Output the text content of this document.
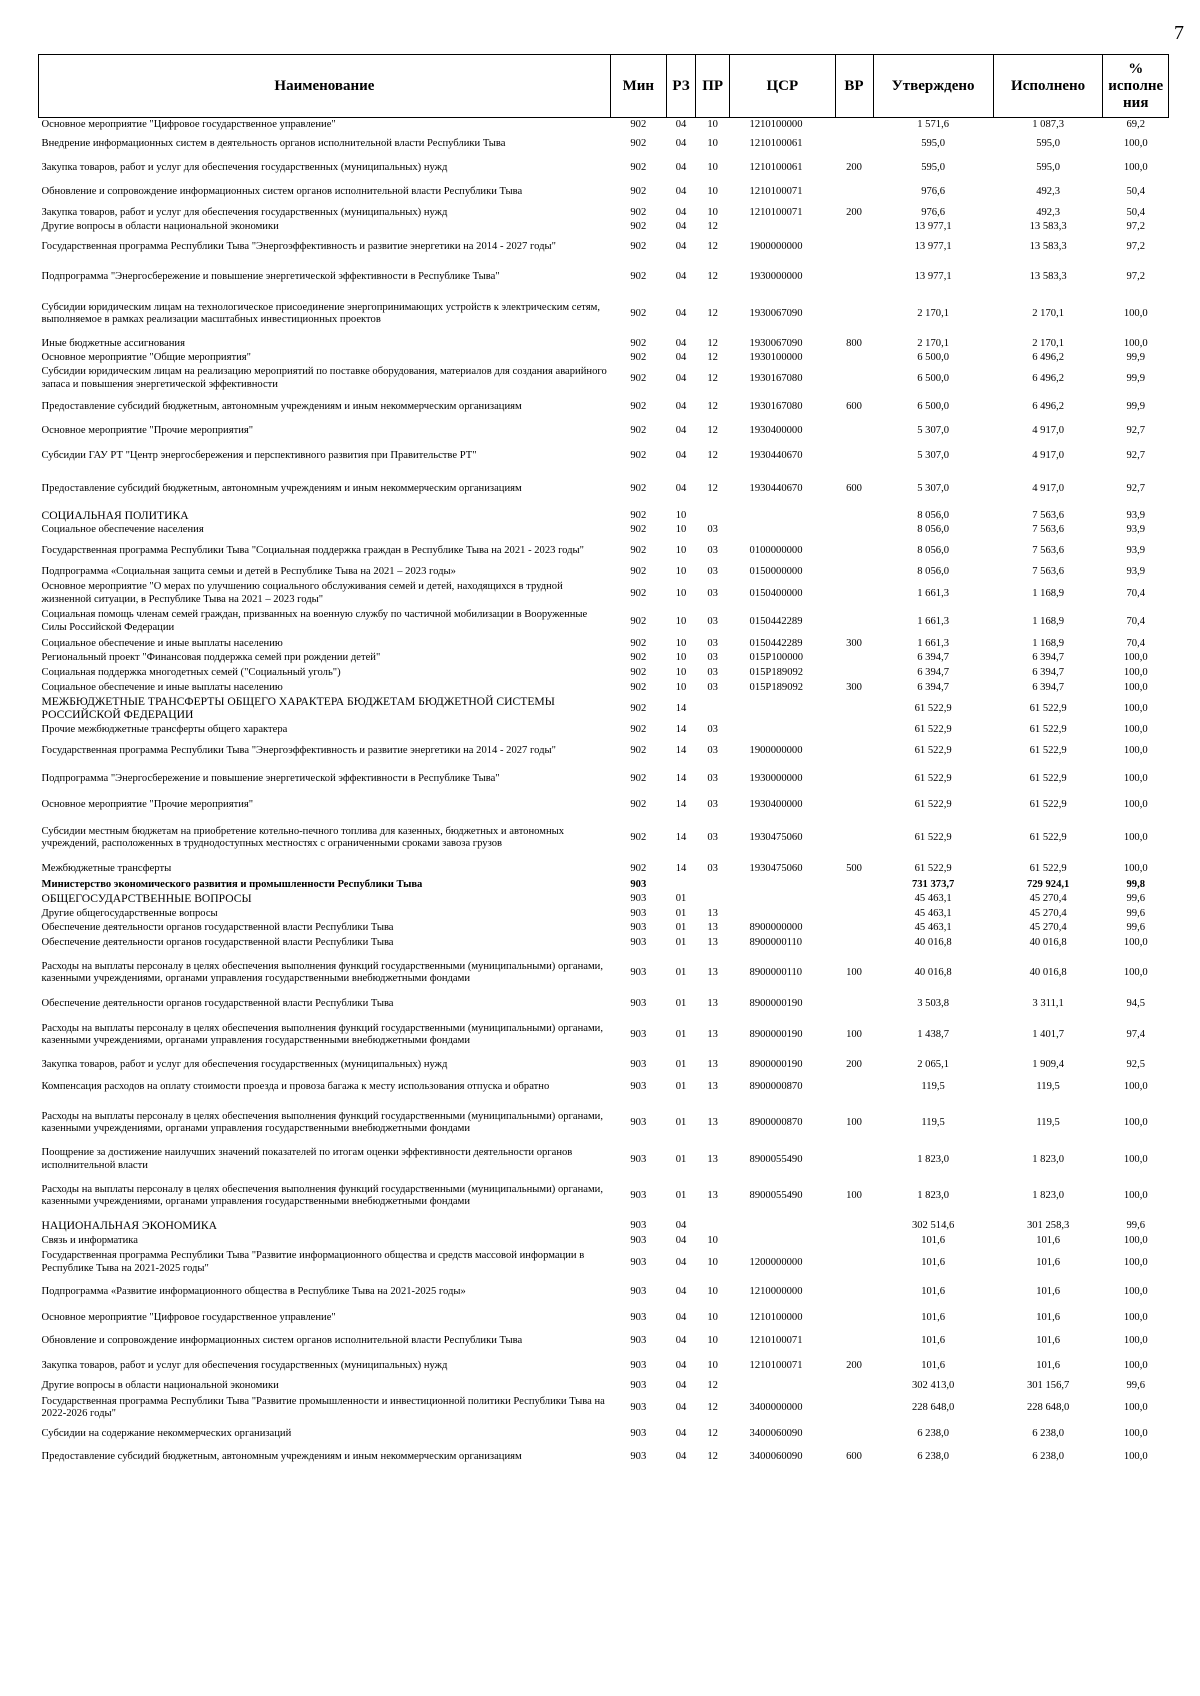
7
Наименование	Мин	РЗ	ПР	ЦСР	ВР	Утверждено	Исполнено	% исполне ния
Основное мероприятие "Цифровое государственное управление"	902	04	10	1210100000		1 571,6	1 087,3	69,2
Внедрение информационных систем в деятельность органов исполнительной власти Республики Тыва	902	04	10	1210100061		595,0	595,0	100,0
Закупка товаров, работ и услуг для обеспечения государственных (муниципальных) нужд	902	04	10	1210100061	200	595,0	595,0	100,0
Обновление и сопровождение информационных систем органов исполнительной власти Республики Тыва	902	04	10	1210100071		976,6	492,3	50,4
Закупка товаров, работ и услуг для обеспечения государственных (муниципальных) нужд	902	04	10	1210100071	200	976,6	492,3	50,4
Другие вопросы в области национальной экономики	902	04	12			13 977,1	13 583,3	97,2
Государственная программа Республики Тыва "Энергоэффективность и развитие энергетики на 2014 - 2027 годы"	902	04	12	1900000000		13 977,1	13 583,3	97,2
Подпрограмма "Энергосбережение и повышение энергетической эффективности в Республике Тыва"	902	04	12	1930000000		13 977,1	13 583,3	97,2
Субсидии юридическим лицам на технологическое присоединение энергопринимающих устройств к электрическим сетям, выполняемое в рамках реализации масштабных инвестиционных проектов	902	04	12	1930067090		2 170,1	2 170,1	100,0
Иные бюджетные ассигнования	902	04	12	1930067090	800	2 170,1	2 170,1	100,0
Основное мероприятие "Общие мероприятия"	902	04	12	1930100000		6 500,0	6 496,2	99,9
Субсидии юридическим лицам на реализацию мероприятий по поставке оборудования, материалов для создания аварийного запаса и повышения энергетической эффективности	902	04	12	1930167080		6 500,0	6 496,2	99,9
Предоставление субсидий бюджетным, автономным учреждениям и иным некоммерческим организациям	902	04	12	1930167080	600	6 500,0	6 496,2	99,9
Основное мероприятие "Прочие мероприятия"	902	04	12	1930400000		5 307,0	4 917,0	92,7
Субсидии ГАУ РТ "Центр энергосбережения и перспективного развития при Правительстве РТ"	902	04	12	1930440670		5 307,0	4 917,0	92,7
Предоставление субсидий бюджетным, автономным учреждениям и иным некоммерческим организациям	902	04	12	1930440670	600	5 307,0	4 917,0	92,7
СОЦИАЛЬНАЯ ПОЛИТИКА	902	10				8 056,0	7 563,6	93,9
Социальное обеспечение населения	902	10	03			8 056,0	7 563,6	93,9
Государственная программа Республики Тыва "Социальная поддержка граждан в Республике Тыва на 2021 - 2023 годы"	902	10	03	0100000000		8 056,0	7 563,6	93,9
Подпрограмма «Социальная защита семьи и детей в Республике Тыва на 2021 – 2023 годы»	902	10	03	0150000000		8 056,0	7 563,6	93,9
Основное мероприятие "О мерах по улучшению социального обслуживания семей и детей, находящихся в трудной жизненной ситуации, в Республике Тыва на 2021 – 2023 годы"	902	10	03	0150400000		1 661,3	1 168,9	70,4
Социальная помощь членам семей граждан, призванных на военную службу по частичной мобилизации в Вооруженные Силы Российской Федерации	902	10	03	0150442289		1 661,3	1 168,9	70,4
Социальное обеспечение и иные выплаты населению	902	10	03	0150442289	300	1 661,3	1 168,9	70,4
Региональный проект "Финансовая поддержка семей при рождении детей"	902	10	03	015P100000		6 394,7	6 394,7	100,0
Социальная поддержка многодетных семей ("Социальный уголь")	902	10	03	015P189092		6 394,7	6 394,7	100,0
Социальное обеспечение и иные выплаты населению	902	10	03	015P189092	300	6 394,7	6 394,7	100,0
МЕЖБЮДЖЕТНЫЕ ТРАНСФЕРТЫ ОБЩЕГО ХАРАКТЕРА БЮДЖЕТАМ БЮДЖЕТНОЙ СИСТЕМЫ РОССИЙСКОЙ ФЕДЕРАЦИИ	902	14				61 522,9	61 522,9	100,0
Прочие межбюджетные трансферты общего характера	902	14	03			61 522,9	61 522,9	100,0
Государственная программа Республики Тыва "Энергоэффективность и развитие энергетики на 2014 - 2027 годы"	902	14	03	1900000000		61 522,9	61 522,9	100,0
Подпрограмма "Энергосбережение и повышение энергетической эффективности в Республике Тыва"	902	14	03	1930000000		61 522,9	61 522,9	100,0
Основное мероприятие "Прочие мероприятия"	902	14	03	1930400000		61 522,9	61 522,9	100,0
Субсидии местным бюджетам на приобретение котельно-печного топлива для казенных, бюджетных и автономных учреждений, расположенных в труднодоступных местностях с ограниченными сроками завоза грузов	902	14	03	1930475060		61 522,9	61 522,9	100,0
Межбюджетные трансферты	902	14	03	1930475060	500	61 522,9	61 522,9	100,0
Министерство экономического развития и промышленности Республики Тыва	903					731 373,7	729 924,1	99,8
ОБЩЕГОСУДАРСТВЕННЫЕ ВОПРОСЫ	903	01				45 463,1	45 270,4	99,6
Другие общегосударственные вопросы	903	01	13			45 463,1	45 270,4	99,6
Обеспечение деятельности органов государственной власти Республики Тыва	903	01	13	8900000000		45 463,1	45 270,4	99,6
Обеспечение деятельности органов государственной власти Республики Тыва	903	01	13	8900000110		40 016,8	40 016,8	100,0
Расходы на выплаты персоналу в целях обеспечения выполнения функций государственными (муниципальными) органами, казенными учреждениями, органами управления государственными внебюджетными фондами	903	01	13	8900000110	100	40 016,8	40 016,8	100,0
Обеспечение деятельности органов государственной власти Республики Тыва	903	01	13	8900000190		3 503,8	3 311,1	94,5
Расходы на выплаты персоналу в целях обеспечения выполнения функций государственными (муниципальными) органами, казенными учреждениями, органами управления государственными внебюджетными фондами	903	01	13	8900000190	100	1 438,7	1 401,7	97,4
Закупка товаров, работ и услуг для обеспечения государственных (муниципальных) нужд	903	01	13	8900000190	200	2 065,1	1 909,4	92,5
Компенсация расходов на оплату стоимости проезда и провоза багажа к месту использования отпуска и обратно	903	01	13	8900000870		119,5	119,5	100,0
Расходы на выплаты персоналу в целях обеспечения выполнения функций государственными (муниципальными) органами, казенными учреждениями, органами управления государственными внебюджетными фондами	903	01	13	8900000870	100	119,5	119,5	100,0
Поощрение за достижение наилучших значений показателей по итогам оценки эффективности деятельности органов исполнительной власти	903	01	13	8900055490		1 823,0	1 823,0	100,0
Расходы на выплаты персоналу в целях обеспечения выполнения функций государственными (муниципальными) органами, казенными учреждениями, органами управления государственными внебюджетными фондами	903	01	13	8900055490	100	1 823,0	1 823,0	100,0
НАЦИОНАЛЬНАЯ ЭКОНОМИКА	903	04				302 514,6	301 258,3	99,6
Связь и информатика	903	04	10			101,6	101,6	100,0
Государственная программа Республики Тыва "Развитие информационного общества и средств массовой информации в Республике Тыва на 2021-2025 годы"	903	04	10	1200000000		101,6	101,6	100,0
Подпрограмма «Развитие информационного общества в Республике Тыва на 2021-2025 годы»	903	04	10	1210000000		101,6	101,6	100,0
Основное мероприятие "Цифровое государственное управление"	903	04	10	1210100000		101,6	101,6	100,0
Обновление и сопровождение информационных систем органов исполнительной власти Республики Тыва	903	04	10	1210100071		101,6	101,6	100,0
Закупка товаров, работ и услуг для обеспечения государственных (муниципальных) нужд	903	04	10	1210100071	200	101,6	101,6	100,0
Другие вопросы в области национальной экономики	903	04	12			302 413,0	301 156,7	99,6
Государственная программа Республики Тыва "Развитие промышленности и инвестиционной политики Республики Тыва на 2022-2026 годы"	903	04	12	3400000000		228 648,0	228 648,0	100,0
Субсидии на содержание некоммерческих организаций	903	04	12	3400060090		6 238,0	6 238,0	100,0
Предоставление субсидий бюджетным, автономным учреждениям и иным некоммерческим организациям	903	04	12	3400060090	600	6 238,0	6 238,0	100,0
